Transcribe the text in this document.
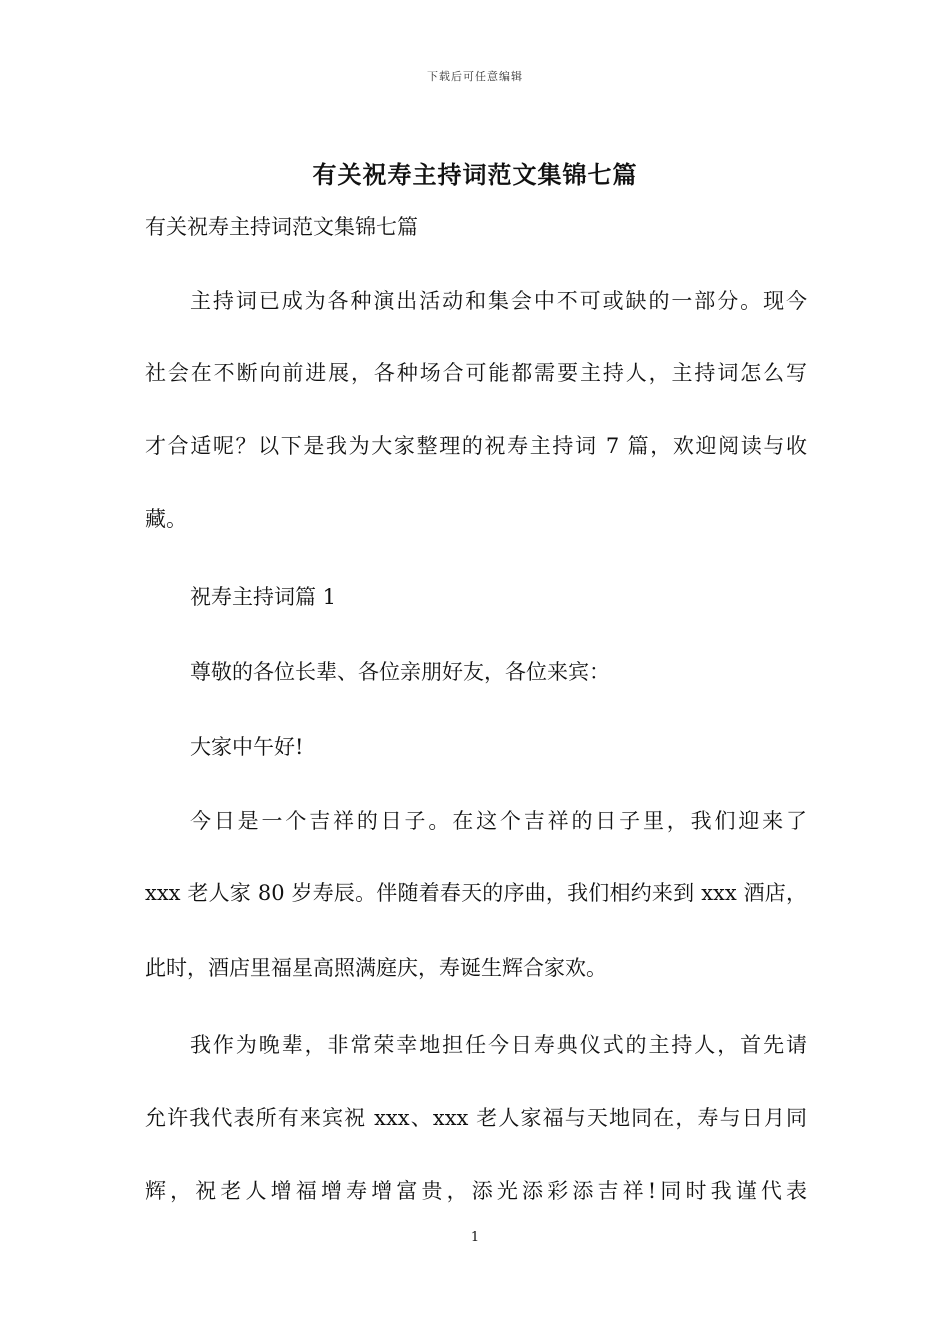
下载后可任意编辑
有关祝寿主持词范文集锦七篇
有关祝寿主持词范文集锦七篇
主持词已成为各种演出活动和集会中不可或缺的一部分。现今
社会在不断向前进展，各种场合可能都需要主持人，主持词怎么写
才合适呢？以下是我为大家整理的祝寿主持词 7 篇，欢迎阅读与收
藏。
祝寿主持词篇 1
尊敬的各位长辈、各位亲朋好友，各位来宾：
大家中午好!
今日是一个吉祥的日子。在这个吉祥的日子里，我们迎来了
xxx 老人家 80 岁寿辰。伴随着春天的序曲，我们相约来到 xxx 酒店，
此时，酒店里福星高照满庭庆，寿诞生辉合家欢。
我作为晚辈，非常荣幸地担任今日寿典仪式的主持人，首先请
允许我代表所有来宾祝 xxx、xxx 老人家福与天地同在，寿与日月同
辉，祝老人增福增寿增富贵，添光添彩添吉祥!同时我谨代表
1
